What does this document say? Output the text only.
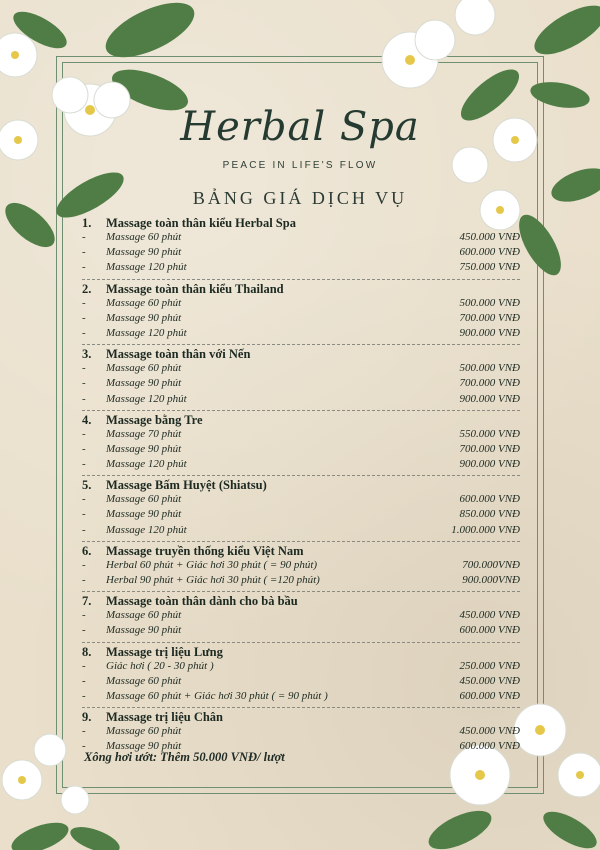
Herbal Spa
PEACE IN LIFE'S FLOW
BẢNG GIÁ DỊCH VỤ
1. Massage toàn thân kiểu Herbal Spa
- Massage 60 phút	450.000 VNĐ
- Massage 90 phút	600.000 VNĐ
- Massage 120 phút	750.000 VNĐ
2. Massage toàn thân kiểu Thailand
- Massage 60 phút	500.000 VNĐ
- Massage 90 phút	700.000 VNĐ
- Massage 120 phút	900.000 VNĐ
3. Massage toàn thân với Nến
- Massage 60 phút	500.000 VNĐ
- Massage 90 phút	700.000 VNĐ
- Massage 120 phút	900.000 VNĐ
4. Massage bằng Tre
- Massage 70 phút	550.000 VNĐ
- Massage 90 phút	700.000 VNĐ
- Massage 120 phút	900.000 VNĐ
5. Massage Bấm Huyệt (Shiatsu)
- Massage 60 phút	600.000 VNĐ
- Massage 90 phút	850.000 VNĐ
- Massage 120 phút	1.000.000 VNĐ
6. Massage truyền thống kiểu Việt Nam
- Herbal 60 phút + Giác hơi 30 phút ( = 90 phút)	700.000VNĐ
- Herbal 90 phút + Giác hơi 30 phút ( =120 phút)	900.000VNĐ
7. Massage toàn thân dành cho bà bầu
- Massage 60 phút	450.000 VNĐ
- Massage 90 phút	600.000 VNĐ
8. Massage trị liệu Lưng
- Giác hơi ( 20 - 30 phút )	250.000 VNĐ
- Massage 60 phút	450.000 VNĐ
- Massage 60 phút + Giác hơi 30 phút ( = 90 phút )	600.000 VNĐ
9. Massage trị liệu Chân
- Massage 60 phút	450.000 VNĐ
- Massage 90 phút	600.000 VNĐ
Xông hơi ướt: Thêm 50.000 VNĐ/ lượt
